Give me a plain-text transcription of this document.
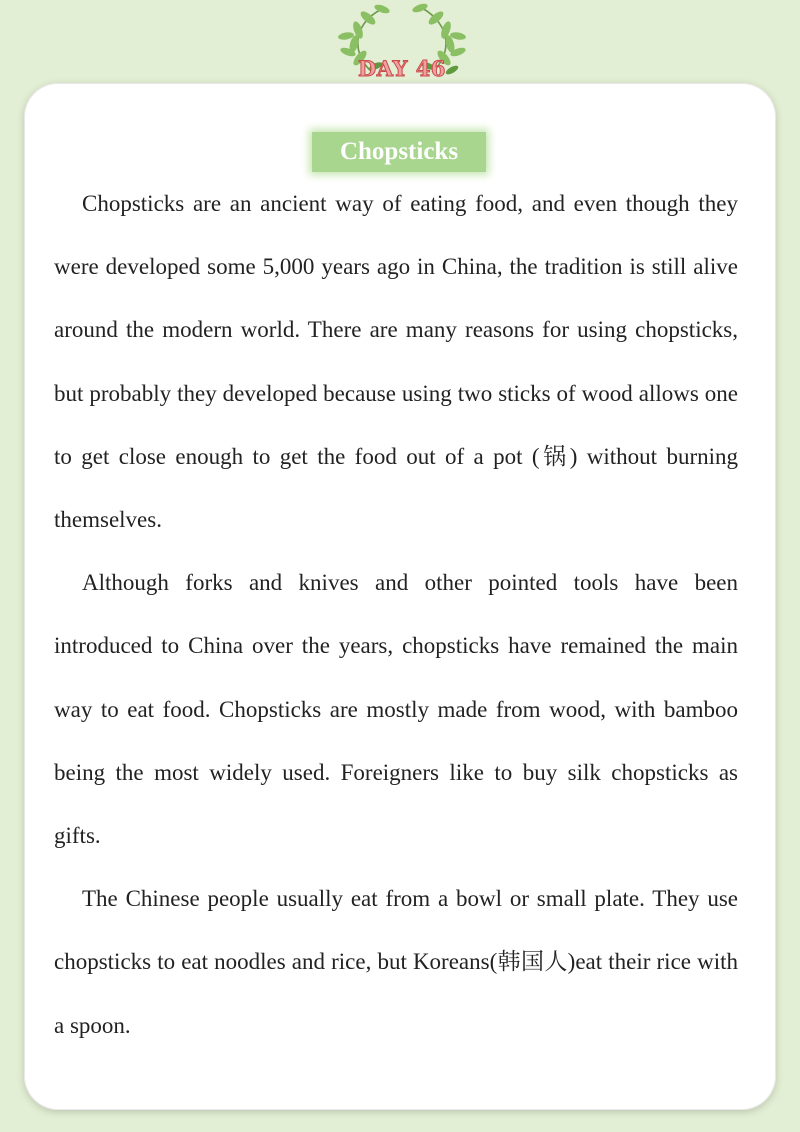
DAY 46
Chopsticks

Chopsticks are an ancient way of eating food, and even though they were developed some 5,000 years ago in China, the tradition is still alive around the modern world. There are many reasons for using chopsticks, but probably they developed because using two sticks of wood allows one to get close enough to get the food out of a pot (锅) without burning themselves.

Although forks and knives and other pointed tools have been introduced to China over the years, chopsticks have remained the main way to eat food. Chopsticks are mostly made from wood, with bamboo being the most widely used. Foreigners like to buy silk chopsticks as gifts.

The Chinese people usually eat from a bowl or small plate. They use chopsticks to eat noodles and rice, but Koreans(韩国人)eat their rice with a spoon.
